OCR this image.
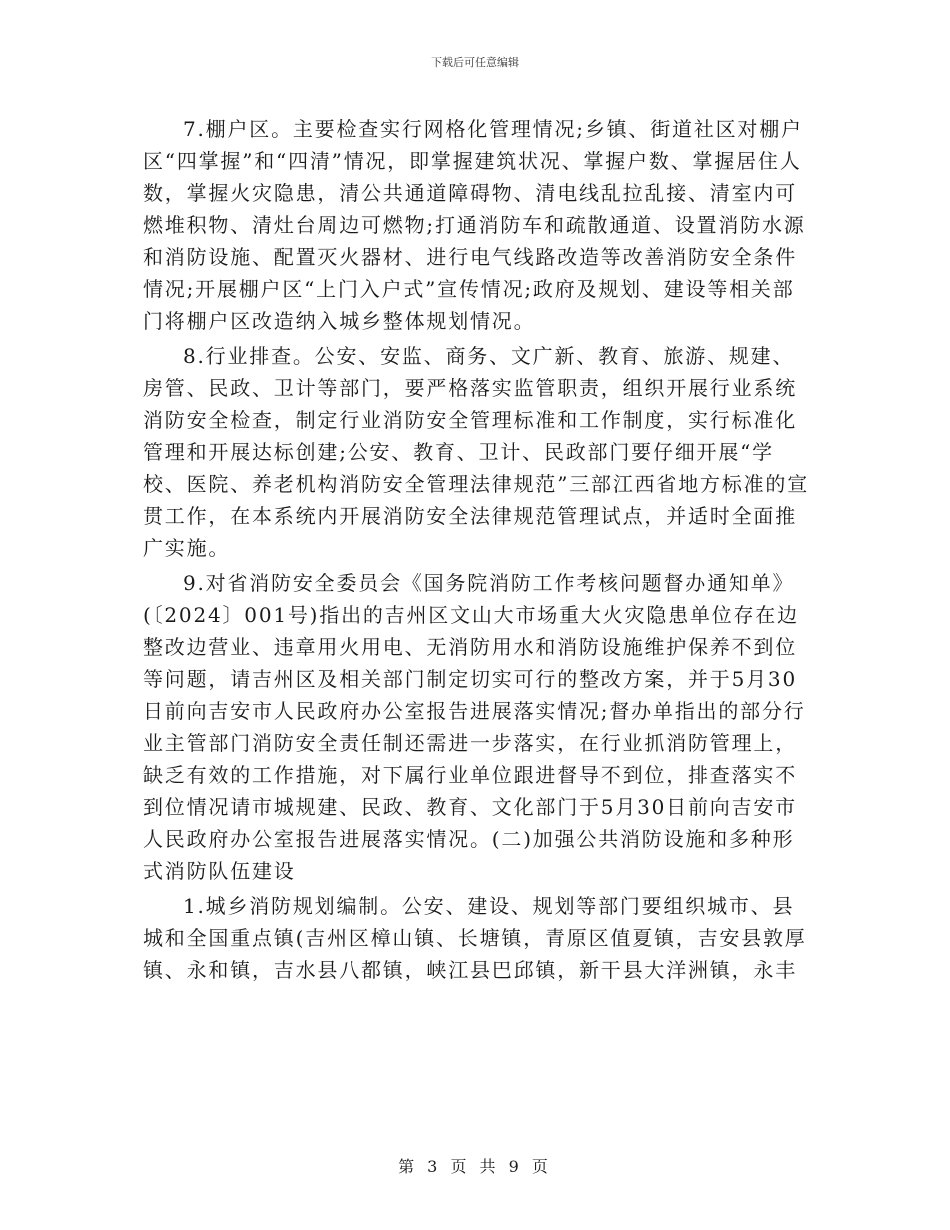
下载后可任意编辑

7.棚户区。主要检查实行网格化管理情况;乡镇、街道社区对棚户区“四掌握”和“四清”情况，即掌握建筑状况、掌握户数、掌握居住人数，掌握火灾隐患，清公共通道障碍物、清电线乱拉乱接、清室内可燃堆积物、清灶台周边可燃物;打通消防车和疏散通道、设置消防水源和消防设施、配置灭火器材、进行电气线路改造等改善消防安全条件情况;开展棚户区“上门入户式”宣传情况;政府及规划、建设等相关部门将棚户区改造纳入城乡整体规划情况。

8.行业排查。公安、安监、商务、文广新、教育、旅游、规建、房管、民政、卫计等部门，要严格落实监管职责，组织开展行业系统消防安全检查，制定行业消防安全管理标准和工作制度，实行标准化管理和开展达标创建;公安、教育、卫计、民政部门要仔细开展“学校、医院、养老机构消防安全管理法律规范”三部江西省地方标准的宣贯工作，在本系统内开展消防安全法律规范管理试点，并适时全面推广实施。

9.对省消防安全委员会《国务院消防工作考核问题督办通知单》(〔2024〕001号)指出的吉州区文山大市场重大火灾隐患单位存在边整改边营业、违章用火用电、无消防用水和消防设施维护保养不到位等问题，请吉州区及相关部门制定切实可行的整改方案，并于5月30日前向吉安市人民政府办公室报告进展落实情况;督办单指出的部分行业主管部门消防安全责任制还需进一步落实，在行业抓消防管理上，缺乏有效的工作措施，对下属行业单位跟进督导不到位，排查落实不到位情况请市城规建、民政、教育、文化部门于5月30日前向吉安市人民政府办公室报告进展落实情况。(二)加强公共消防设施和多种形式消防队伍建设

1.城乡消防规划编制。公安、建设、规划等部门要组织城市、县城和全国重点镇(吉州区樟山镇、长塘镇，青原区值夏镇，吉安县敦厚镇、永和镇，吉水县八都镇，峡江县巴邱镇，新干县大洋洲镇，永丰

第 3 页 共 9 页
